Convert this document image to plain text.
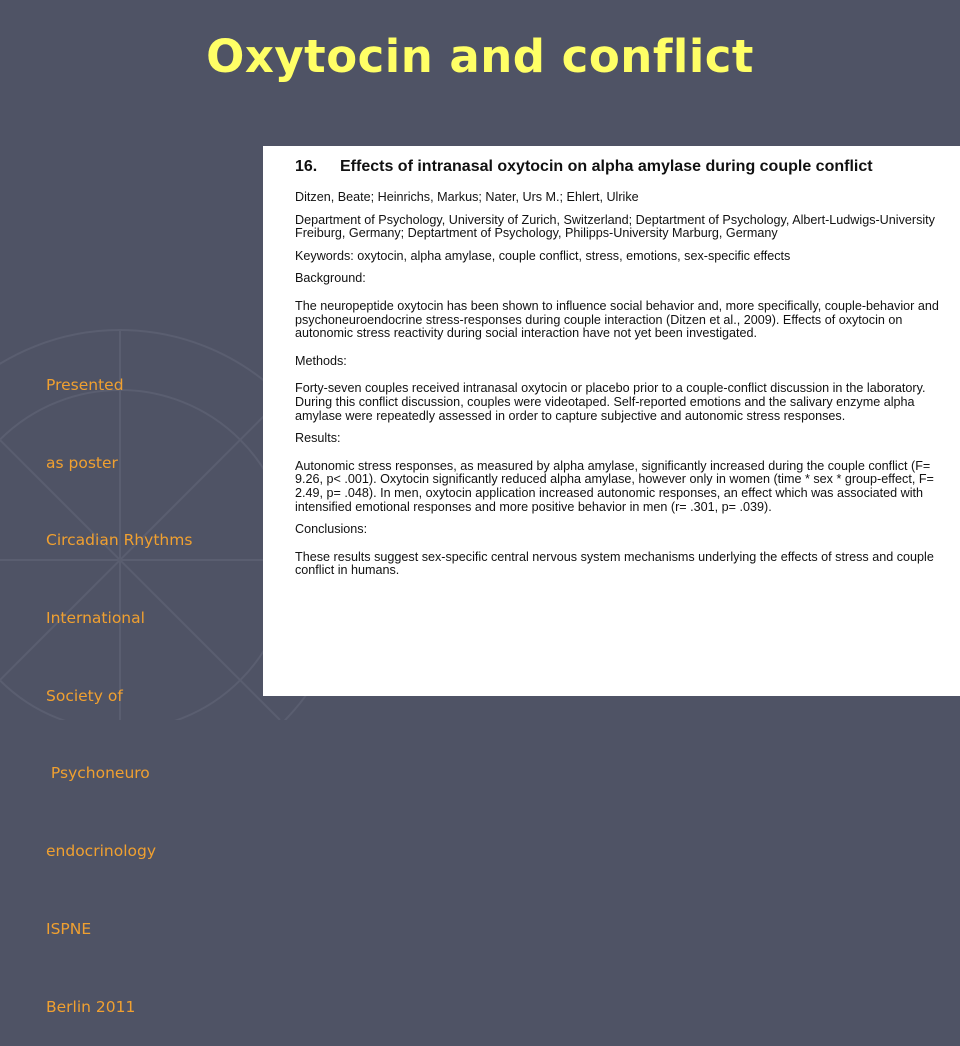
Oxytocin and conflict

Presented

as poster

Circadian Rhythms

International

Society of

Psychoneuro

endocrinology

ISPNE

Berlin 2011

16.	Effects of intranasal oxytocin on alpha amylase during couple conflict
Ditzen, Beate; Heinrichs, Markus; Nater, Urs M.; Ehlert, Ulrike
Department of Psychology, University of Zurich, Switzerland; Deptartment of Psychology, Albert-Ludwigs-University Freiburg, Germany; Deptartment of Psychology, Philipps-University Marburg, Germany
Keywords: oxytocin, alpha amylase, couple conflict, stress, emotions, sex-specific effects
Background:
The neuropeptide oxytocin has been shown to influence social behavior and, more specifically, couple-behavior and psychoneuroendocrine stress-responses during couple interaction (Ditzen et al., 2009). Effects of oxytocin on autonomic stress reactivity during social interaction have not yet been investigated.
Methods:
Forty-seven couples received intranasal oxytocin or placebo prior to a couple-conflict discussion in the laboratory. During this conflict discussion, couples were videotaped. Self-reported emotions and the salivary enzyme alpha amylase were repeatedly assessed in order to capture subjective and autonomic stress responses.
Results:
Autonomic stress responses, as measured by alpha amylase, significantly increased during the couple conflict (F= 9.26, p< .001). Oxytocin significantly reduced alpha amylase, however only in women (time * sex * group-effect, F= 2.49, p= .048). In men, oxytocin application increased autonomic responses, an effect which was associated with intensified emotional responses and more positive behavior in men (r= .301, p= .039).
Conclusions:
These results suggest sex-specific central nervous system mechanisms underlying the effects of stress and couple conflict in humans.
